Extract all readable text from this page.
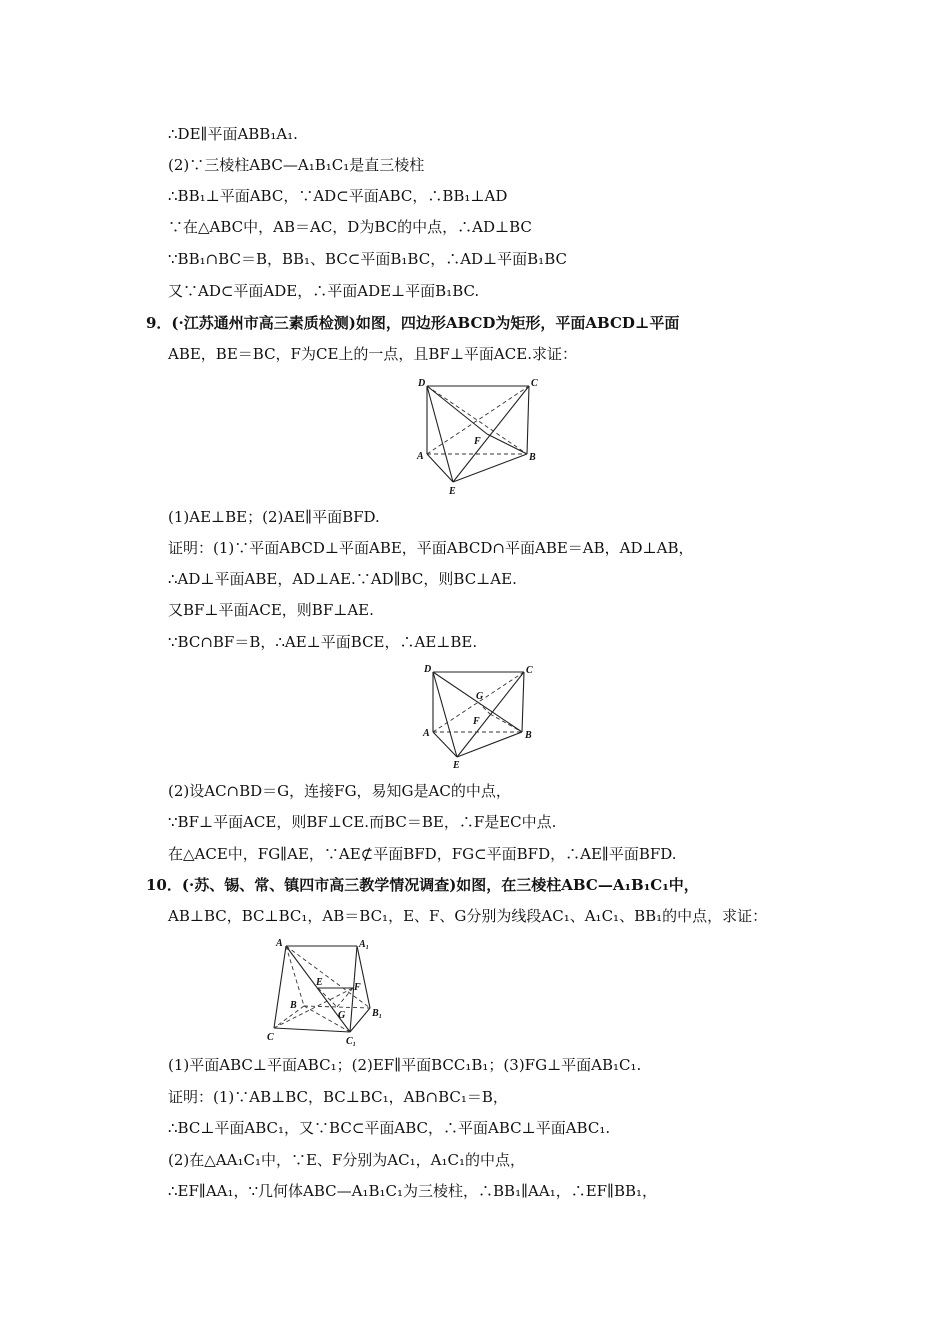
∴DE∥平面ABB₁A₁.
(2)∵三棱柱ABC—A₁B₁C₁是直三棱柱
∴BB₁⊥平面ABC，∵AD⊂平面ABC，∴BB₁⊥AD
∵在△ABC中，AB＝AC，D为BC的中点，∴AD⊥BC
∵BB₁∩BC＝B，BB₁、BC⊂平面B₁BC，∴AD⊥平面B₁BC
又∵AD⊂平面ADE，∴平面ADE⊥平面B₁BC.
9．(·江苏通州市高三素质检测)如图，四边形ABCD为矩形，平面ABCD⊥平面
ABE，BE＝BC，F为CE上的一点，且BF⊥平面ACE.求证：
D	C
F
A	B
E
(1)AE⊥BE；(2)AE∥平面BFD.
证明：(1)∵平面ABCD⊥平面ABE，平面ABCD∩平面ABE＝AB，AD⊥AB，
∴AD⊥平面ABE，AD⊥AE.∵AD∥BC，则BC⊥AE.
又BF⊥平面ACE，则BF⊥AE.
∵BC∩BF＝B，∴AE⊥平面BCE，∴AE⊥BE.
D	C
G
F
A	B
E
(2)设AC∩BD＝G，连接FG，易知G是AC的中点，
∵BF⊥平面ACE，则BF⊥CE.而BC＝BE，∴F是EC中点.
在△ACE中，FG∥AE，∵AE⊄平面BFD，FG⊂平面BFD，∴AE∥平面BFD.
10．(·苏、锡、常、镇四市高三教学情况调查)如图，在三棱柱ABC—A₁B₁C₁中，
AB⊥BC，BC⊥BC₁，AB＝BC₁，E、F、G分别为线段AC₁、A₁C₁、BB₁的中点，求证：
A	A₁
E	F
B
G	B₁
C	C₁
(1)平面ABC⊥平面ABC₁；(2)EF∥平面BCC₁B₁；(3)FG⊥平面AB₁C₁.
证明：(1)∵AB⊥BC，BC⊥BC₁，AB∩BC₁＝B，
∴BC⊥平面ABC₁，又∵BC⊂平面ABC，∴平面ABC⊥平面ABC₁.
(2)在△AA₁C₁中，∵E、F分别为AC₁，A₁C₁的中点，
∴EF∥AA₁，∵几何体ABC—A₁B₁C₁为三棱柱，∴BB₁∥AA₁，∴EF∥BB₁，
